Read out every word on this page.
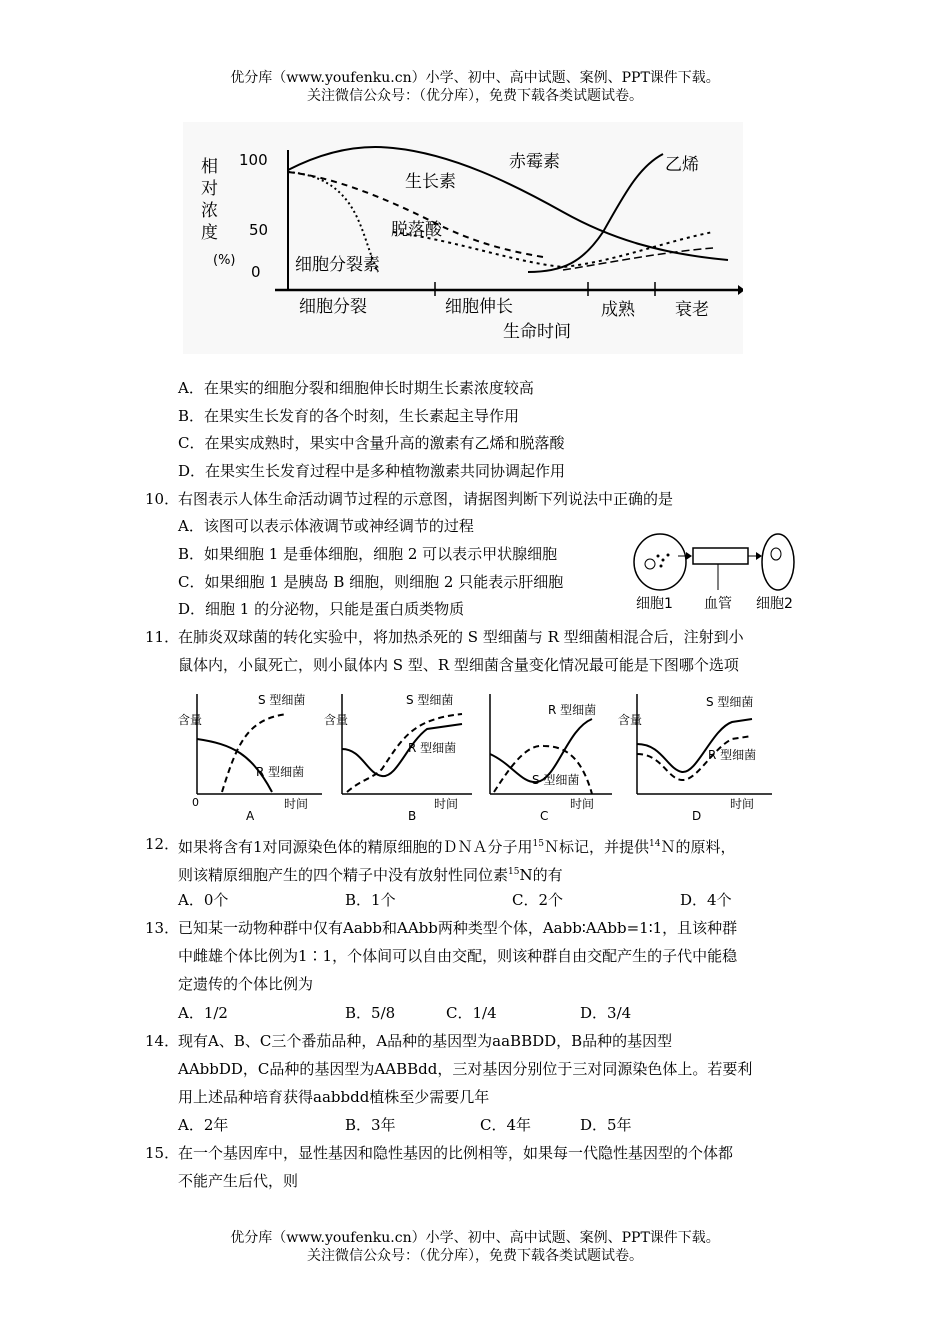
优分库（www.youfenku.cn）小学、初中、高中试题、案例、PPT课件下载。
关注微信公众号：（优分库），免费下载各类试题试卷。
相
对
浓
度
(%)
100
50
0
生长素
赤霉素	乙烯
脱落酸
细胞分裂素
细胞分裂	细胞伸长	成熟 衰老
生命时间
A．在果实的细胞分裂和细胞伸长时期生长素浓度较高
B．在果实生长发育的各个时刻，生长素起主导作用
C．在果实成熟时，果实中含量升高的激素有乙烯和脱落酸
D．在果实生长发育过程中是多种植物激素共同协调起作用
10．
右图表示人体生命活动调节过程的示意图，请据图判断下列说法中正确的是
A．该图可以表示体液调节或神经调节的过程
B．如果细胞 1 是垂体细胞，细胞 2 可以表示甲状腺细胞
C．如果细胞 1 是胰岛 B 细胞，则细胞 2 只能表示肝细胞
D．细胞 1 的分泌物，只能是蛋白质类物质	细胞1 血管 细胞2
11．
在肺炎双球菌的转化实验中，将加热杀死的 S 型细菌与 R 型细菌相混合后，注射到小
鼠体内，小鼠死亡，则小鼠体内 S 型、R 型细菌含量变化情况最可能是下图哪个选项
含量
时间
0
S 型细菌
R 型细菌
A
含量
时间
S 型细菌
R 型细菌
B
R 型细菌
S 型细菌
时间
C
含量
时间
S 型细菌
R 型细菌
D
12．
如果将含有1对同源染色体的精原细胞的ＤＮＡ分子用$^{15}$Ｎ标记，并提供$^{14}$Ｎ的原料，
则该精原细胞产生的四个精子中没有放射性同位素$^{15}$N的有
A．0个	B．1个	C．2个	D．4个
13．
已知某一动物种群中仅有Aabb和AAbb两种类型个体，Aabb∶AAbb=1∶1，且该种群
中雌雄个体比例为1∶1，个体间可以自由交配，则该种群自由交配产生的子代中能稳
定遗传的个体比例为
A．1/2	B．5/8	C．1/4	D．3/4
14．
现有A、B、C三个番茄品种，A品种的基因型为aaBBDD，B品种的基因型
AAbbDD，C品种的基因型为AABBdd，三对基因分别位于三对同源染色体上。若要利
用上述品种培育获得aabbdd植株至少需要几年
A．2年	B．3年	C．4年	D．5年
15．
在一个基因库中，显性基因和隐性基因的比例相等，如果每一代隐性基因型的个体都
不能产生后代，则
优分库（www.youfenku.cn）小学、初中、高中试题、案例、PPT课件下载。
关注微信公众号：（优分库），免费下载各类试题试卷。
